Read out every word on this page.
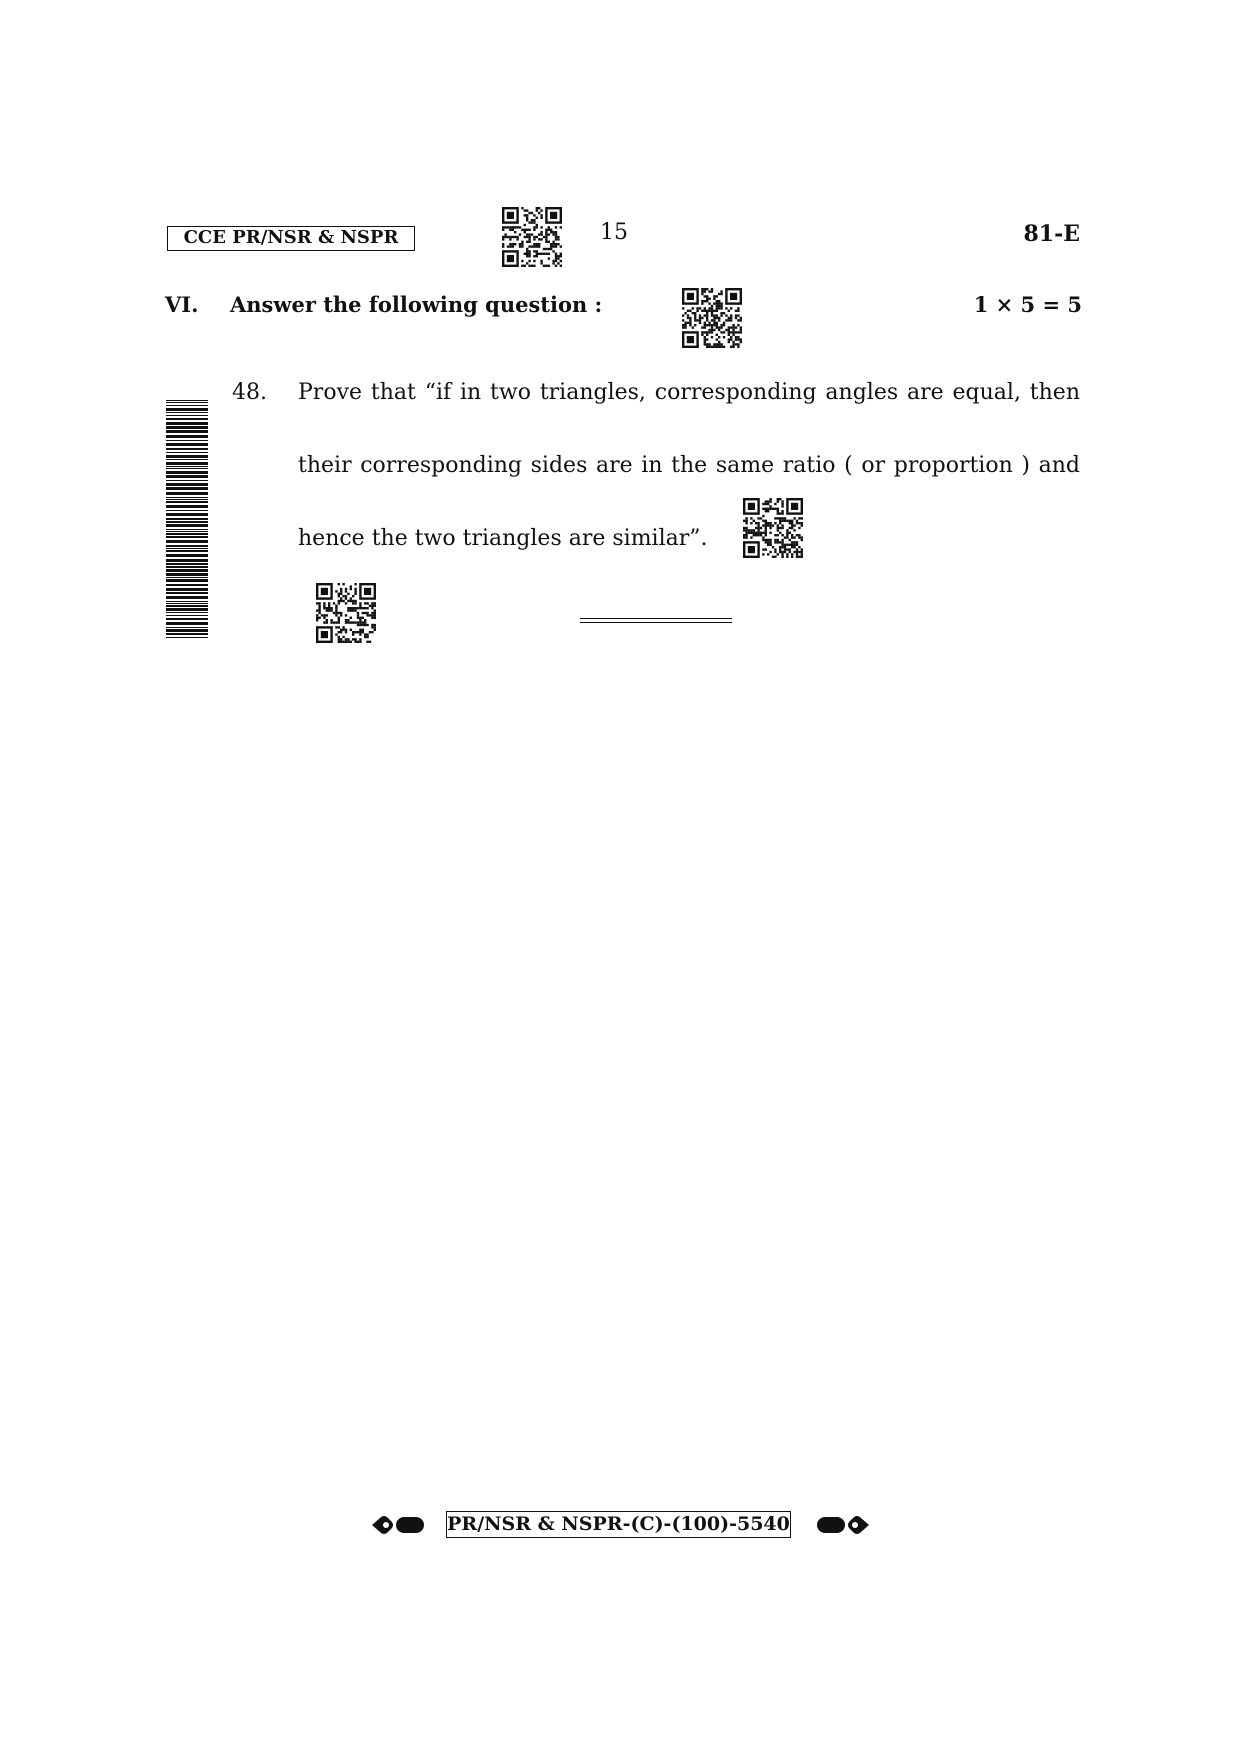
CCE PR/NSR & NSPR	15	81-E
VI. Answer the following question :	1 × 5 = 5
48. Prove that “if in two triangles, corresponding angles are equal, then
their corresponding sides are in the same ratio ( or proportion ) and
hence the two triangles are similar”.
PR/NSR & NSPR-(C)-(100)-5540
